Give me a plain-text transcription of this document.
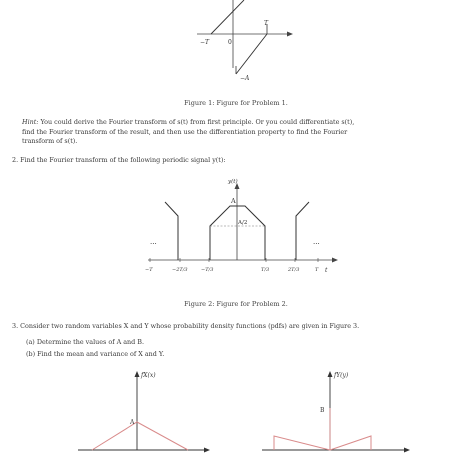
−T	0
T
−A
Figure 1: Figure for Problem 1.
Hint: You could derive the Fourier transform of s(t) from first principle. Or you could differentiate s(t),
find the Fourier transform of the result, and then use the differentiation property to find the Fourier
transform of s(t).
2. Find the Fourier transform of the following periodic signal y(t):
y(t)
t
A
A/2
...	...
−T	−2T/3	−T/3	T/3	2T/3	T
Figure 2: Figure for Problem 2.
3. Consider two random variables X and Y whose probability density functions (pdfs) are given in Figure 3.
(a) Determine the values of A and B.
(b) Find the mean and variance of X and Y.
fX(x)
A
fY(y)
B
